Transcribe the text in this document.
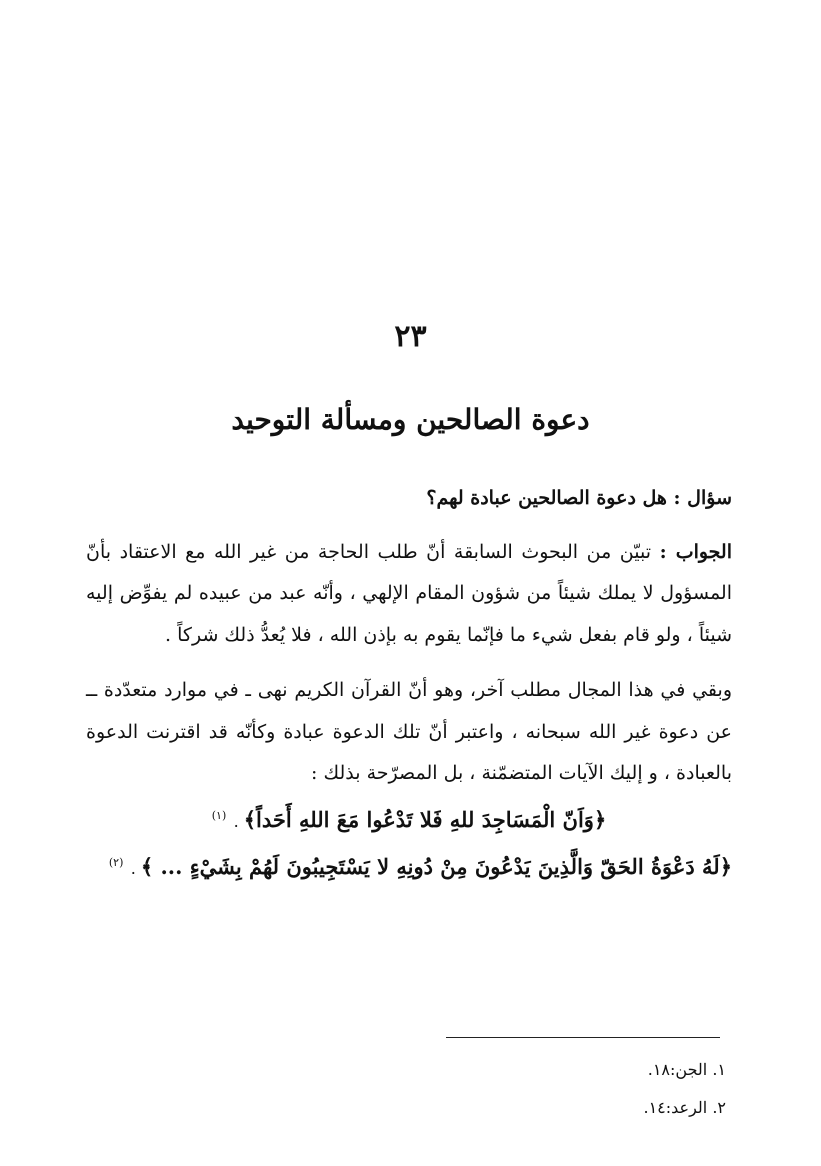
٢٣
دعوة الصالحين ومسألة التوحيد

سؤال : هل دعوة الصالحين عبادة لهم؟

الجواب : تبيّن من البحوث السابقة أنّ طلب الحاجة من غير الله مع الاعتقاد بأنّ المسؤول لا يملك شيئاً من شؤون المقام الإلهي ، وأنّه عبد من عبيده لم يفوِّض إليه شيئاً ، ولو قام بفعل شيء ما فإنّما يقوم به بإذن الله ، فلا يُعدُّ ذلك شركاً .

وبقي في هذا المجال مطلب آخر، وهو أنّ القرآن الكريم نهى ـ في موارد متعدّدة ــ عن دعوة غير الله سبحانه ، واعتبر أنّ تلك الدعوة عبادة وكأنّه قد اقترنت الدعوة بالعبادة ، و إليك الآيات المتضمّنة ، بل المصرّحة بذلك :

﴿وَاَنّ الْمَسَاجِدَ للهِ فَلا تَدْعُوا مَعَ اللهِ أَحَداً﴾ . $^{(١)}$

﴿لَهُ دَعْوَةُ الحَقّ وَالَّذِينَ يَدْعُونَ مِنْ دُونِهِ لا يَسْتَجِيبُونَ لَهُمْ بِشَيْءٍ ... ﴾ . $^{(٢)}$

١. الجن:١٨.
٢. الرعد:١٤.
